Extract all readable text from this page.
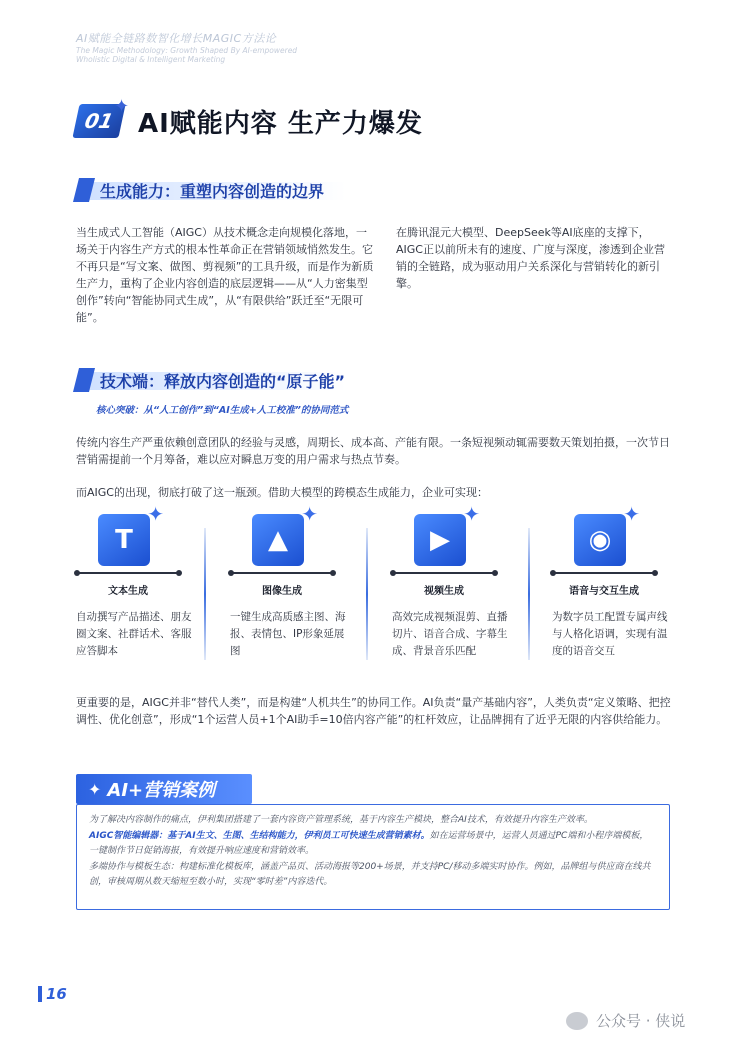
AI赋能全链路数智化增长MAGIC方法论
The Magic Methodology: Growth Shaped By AI-empowered
Wholistic Digital & Intelligent Marketing
01
✦
AI赋能内容 生产力爆发
生成能力：重塑内容创造的边界
当生成式人工智能（AIGC）从技术概念走向规模化落地，一场关于内容生产方式的根本性革命正在营销领域悄然发生。它不再只是“写文案、做图、剪视频”的工具升级，而是作为新质生产力，重构了企业内容创造的底层逻辑——从“人力密集型创作”转向“智能协同式生成”，从“有限供给”跃迁至“无限可能”。
在腾讯混元大模型、DeepSeek等AI底座的支撑下，AIGC正以前所未有的速度、广度与深度，渗透到企业营销的全链路，成为驱动用户关系深化与营销转化的新引擎。
技术端：释放内容创造的“原子能”
核心突破：从“人工创作”到“AI生成+人工校准”的协同范式
传统内容生产严重依赖创意团队的经验与灵感，周期长、成本高、产能有限。一条短视频动辄需要数天策划拍摄，一次节日营销需提前一个月筹备，难以应对瞬息万变的用户需求与热点节奏。
而AIGC的出现，彻底打破了这一瓶颈。借助大模型的跨模态生成能力，企业可实现：
T
✦
文本生成
自动撰写产品描述、朋友圈文案、社群话术、客服应答脚本
▲
✦
图像生成
一键生成高质感主图、海报、表情包、IP形象延展图
▶
✦
视频生成
高效完成视频混剪、直播切片、语音合成、字幕生成、背景音乐匹配
◉
✦
语音与交互生成
为数字员工配置专属声线与人格化语调，实现有温度的语音交互
更重要的是，AIGC并非“替代人类”，而是构建“人机共生”的协同工作。AI负责“量产基础内容”，人类负责“定义策略、把控调性、优化创意”，形成“1个运营人员+1个AI助手=10倍内容产能”的杠杆效应，让品牌拥有了近乎无限的内容供给能力。
✦ AI+营销案例

为了解决内容制作的痛点，伊利集团搭建了一套内容资产管理系统，基于内容生产模块，整合AI技术，有效提升内容生产效率。

AIGC智能编辑器：基于AI生文、生图、生结构能力，伊利员工可快速生成营销素材。如在运营场景中，运营人员通过PC端和小程序端模板，一键制作节日促销海报，有效提升响应速度和营销效率。

多端协作与模板生态：构建标准化模板库，涵盖产品页、活动海报等200+场景，并支持PC/移动多端实时协作。例如，品牌组与供应商在线共创，审核周期从数天缩短至数小时，实现“零时差”内容迭代。

16
公众号 · 侠说
